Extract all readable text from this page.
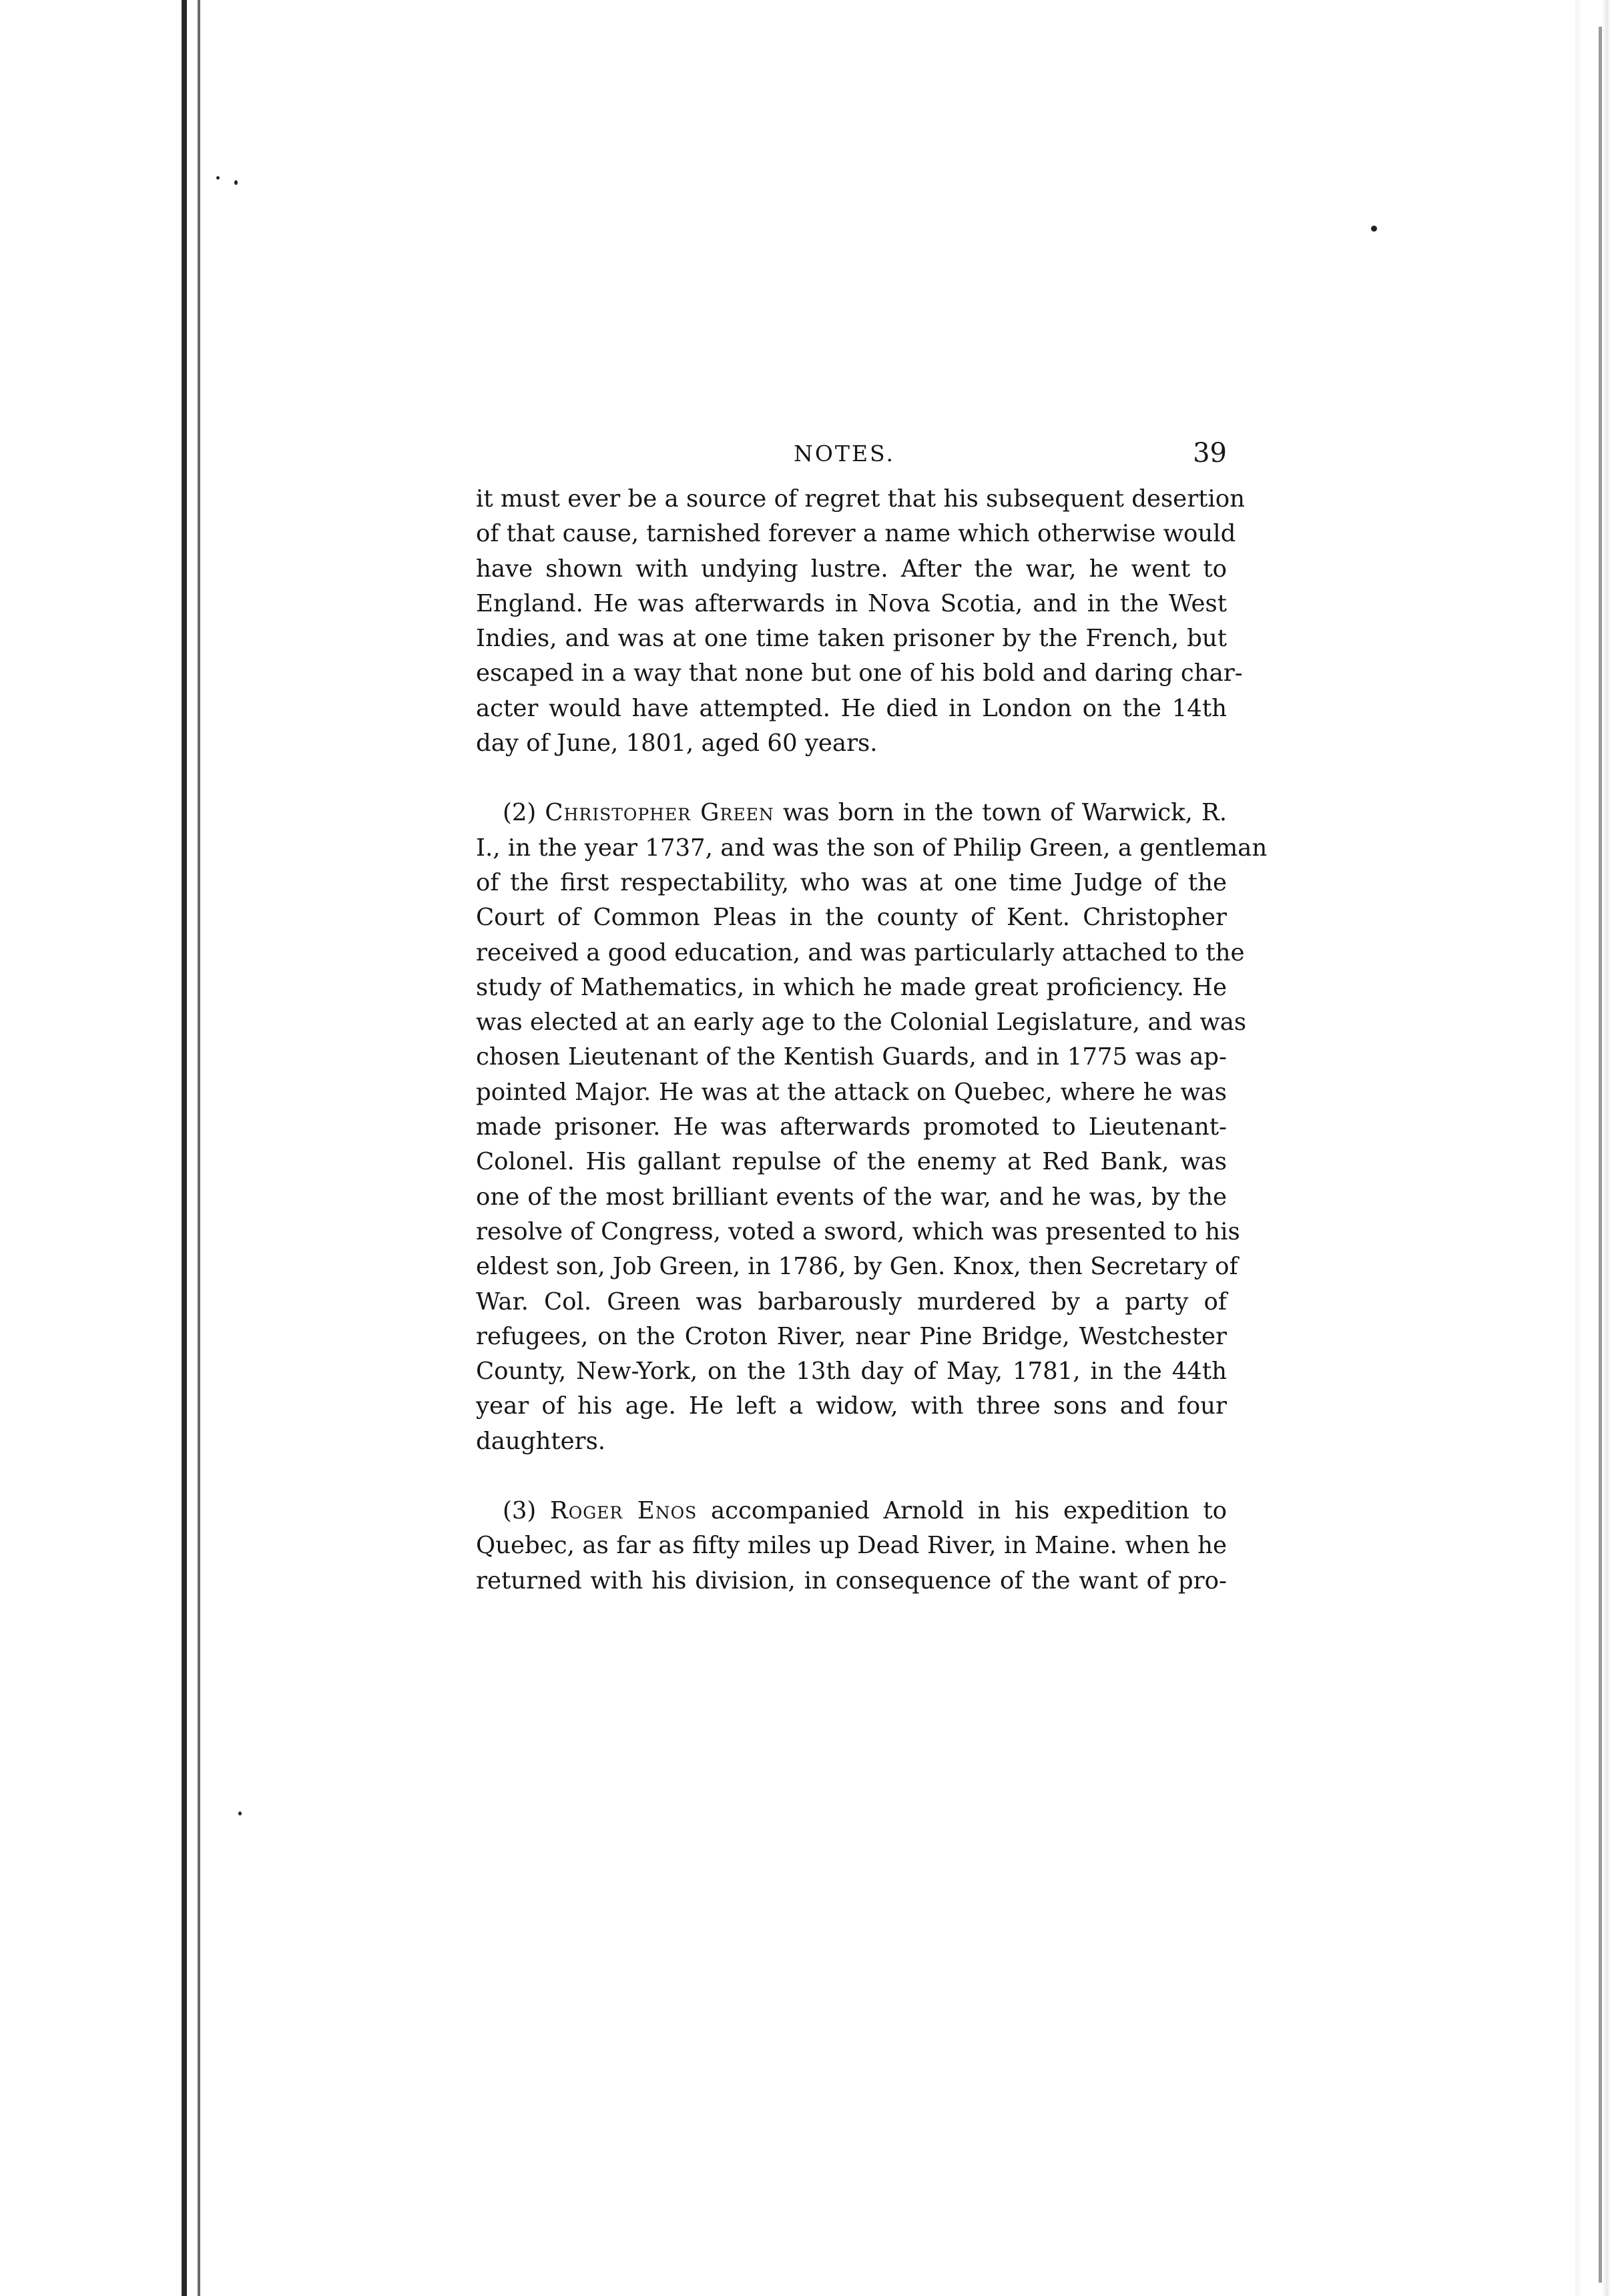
NOTES.	39

it must ever be a source of regret that his subsequent desertion
of that cause, tarnished forever a name which otherwise would
have shown with undying lustre. After the war, he went to
England. He was afterwards in Nova Scotia, and in the West
Indies, and was at one time taken prisoner by the French, but
escaped in a way that none but one of his bold and daring char-
acter would have attempted. He died in London on the 14th
day of June, 1801, aged 60 years.

(2) Christopher Green was born in the town of Warwick, R.
I., in the year 1737, and was the son of Philip Green, a gentleman
of the first respectability, who was at one time Judge of the
Court of Common Pleas in the county of Kent. Christopher
received a good education, and was particularly attached to the
study of Mathematics, in which he made great proficiency. He
was elected at an early age to the Colonial Legislature, and was
chosen Lieutenant of the Kentish Guards, and in 1775 was ap-
pointed Major. He was at the attack on Quebec, where he was
made prisoner. He was afterwards promoted to Lieutenant-
Colonel. His gallant repulse of the enemy at Red Bank, was
one of the most brilliant events of the war, and he was, by the
resolve of Congress, voted a sword, which was presented to his
eldest son, Job Green, in 1786, by Gen. Knox, then Secretary of
War. Col. Green was barbarously murdered by a party of
refugees, on the Croton River, near Pine Bridge, Westchester
County, New-York, on the 13th day of May, 1781, in the 44th
year of his age. He left a widow, with three sons and four
daughters.

(3) Roger Enos accompanied Arnold in his expedition to
Quebec, as far as fifty miles up Dead River, in Maine. when he
returned with his division, in consequence of the want of pro-
